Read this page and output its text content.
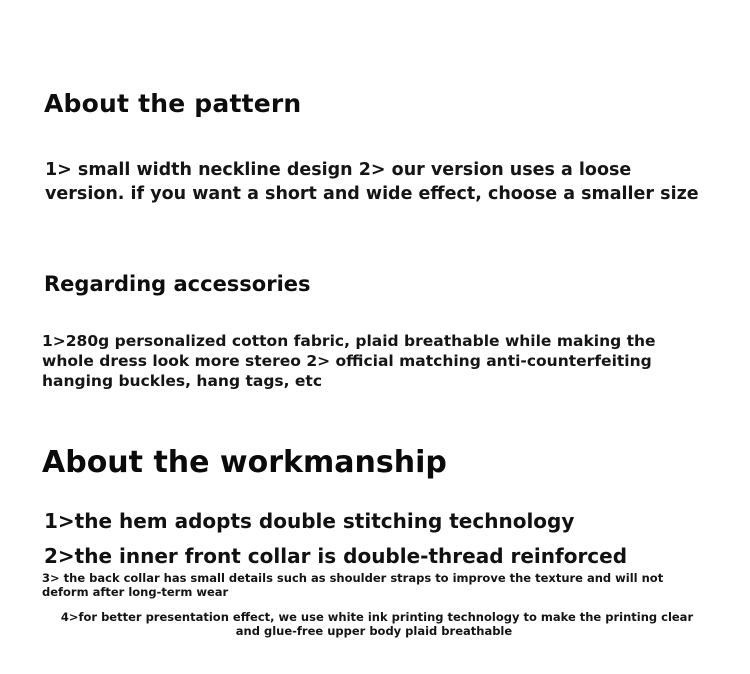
About the pattern

1> small width neckline design 2> our version uses a loose version. if you want a short and wide effect, choose a smaller size

Regarding accessories

1>280g personalized cotton fabric, plaid breathable while making the whole dress look more stereo 2> official matching anti-counterfeiting hanging buckles, hang tags, etc

About the workmanship

1>the hem adopts double stitching technology

2>the inner front collar is double-thread reinforced

3> the back collar has small details such as shoulder straps to improve the texture and will not deform after long-term wear

4>for better presentation effect, we use white ink printing technology to make the printing clear and glue-free upper body plaid breathable
